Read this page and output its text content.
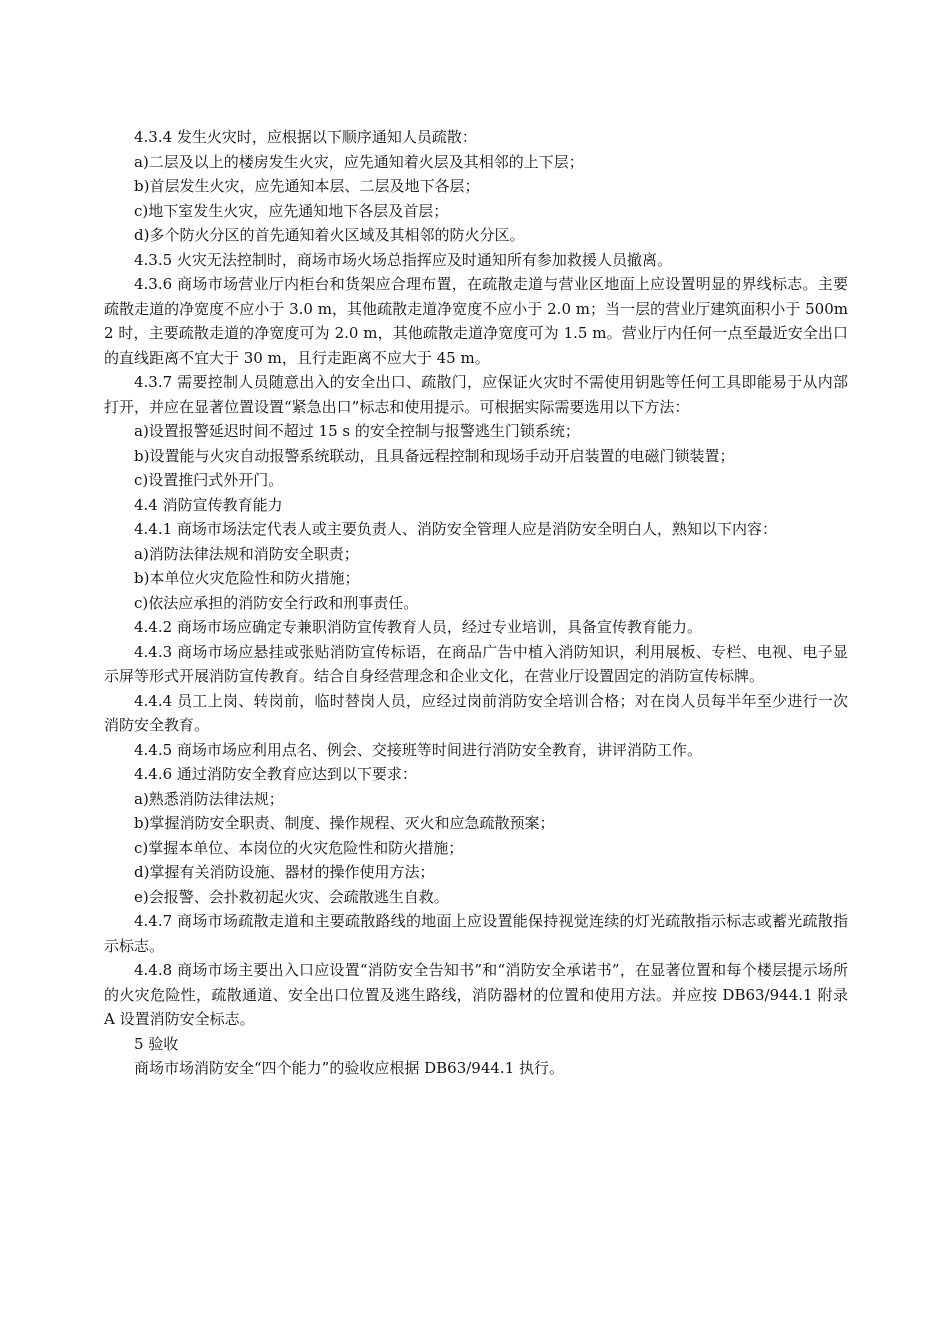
4.3.4 发生火灾时，应根据以下顺序通知人员疏散：

a)二层及以上的楼房发生火灾，应先通知着火层及其相邻的上下层；

b)首层发生火灾，应先通知本层、二层及地下各层；

c)地下室发生火灾，应先通知地下各层及首层；

d)多个防火分区的首先通知着火区域及其相邻的防火分区。

4.3.5 火灾无法控制时，商场市场火场总指挥应及时通知所有参加救援人员撤离。

4.3.6 商场市场营业厅内柜台和货架应合理布置，在疏散走道与营业区地面上应设置明显的界线标志。主要疏散走道的净宽度不应小于 3.0 m，其他疏散走道净宽度不应小于 2.0 m；当一层的营业厅建筑面积小于 500m2 时，主要疏散走道的净宽度可为 2.0 m，其他疏散走道净宽度可为 1.5 m。营业厅内任何一点至最近安全出口的直线距离不宜大于 30 m，且行走距离不应大于 45 m。

4.3.7 需要控制人员随意出入的安全出口、疏散门，应保证火灾时不需使用钥匙等任何工具即能易于从内部打开，并应在显著位置设置“紧急出口”标志和使用提示。可根据实际需要选用以下方法：

a)设置报警延迟时间不超过 15 s 的安全控制与报警逃生门锁系统；

b)设置能与火灾自动报警系统联动，且具备远程控制和现场手动开启装置的电磁门锁装置；

c)设置推闩式外开门。

4.4 消防宣传教育能力

4.4.1 商场市场法定代表人或主要负责人、消防安全管理人应是消防安全明白人，熟知以下内容：

a)消防法律法规和消防安全职责；

b)本单位火灾危险性和防火措施；

c)依法应承担的消防安全行政和刑事责任。

4.4.2 商场市场应确定专兼职消防宣传教育人员，经过专业培训，具备宣传教育能力。

4.4.3 商场市场应悬挂或张贴消防宣传标语，在商品广告中植入消防知识，利用展板、专栏、电视、电子显示屏等形式开展消防宣传教育。结合自身经营理念和企业文化，在营业厅设置固定的消防宣传标牌。

4.4.4 员工上岗、转岗前，临时替岗人员，应经过岗前消防安全培训合格；对在岗人员每半年至少进行一次消防安全教育。

4.4.5 商场市场应利用点名、例会、交接班等时间进行消防安全教育，讲评消防工作。

4.4.6 通过消防安全教育应达到以下要求：

a)熟悉消防法律法规；

b)掌握消防安全职责、制度、操作规程、灭火和应急疏散预案；

c)掌握本单位、本岗位的火灾危险性和防火措施；

d)掌握有关消防设施、器材的操作使用方法；

e)会报警、会扑救初起火灾、会疏散逃生自救。

4.4.7 商场市场疏散走道和主要疏散路线的地面上应设置能保持视觉连续的灯光疏散指示标志或蓄光疏散指示标志。

4.4.8 商场市场主要出入口应设置“消防安全告知书”和“消防安全承诺书”，在显著位置和每个楼层提示场所的火灾危险性，疏散通道、安全出口位置及逃生路线，消防器材的位置和使用方法。并应按 DB63/944.1 附录 A 设置消防安全标志。

5 验收

商场市场消防安全“四个能力”的验收应根据 DB63/944.1 执行。
